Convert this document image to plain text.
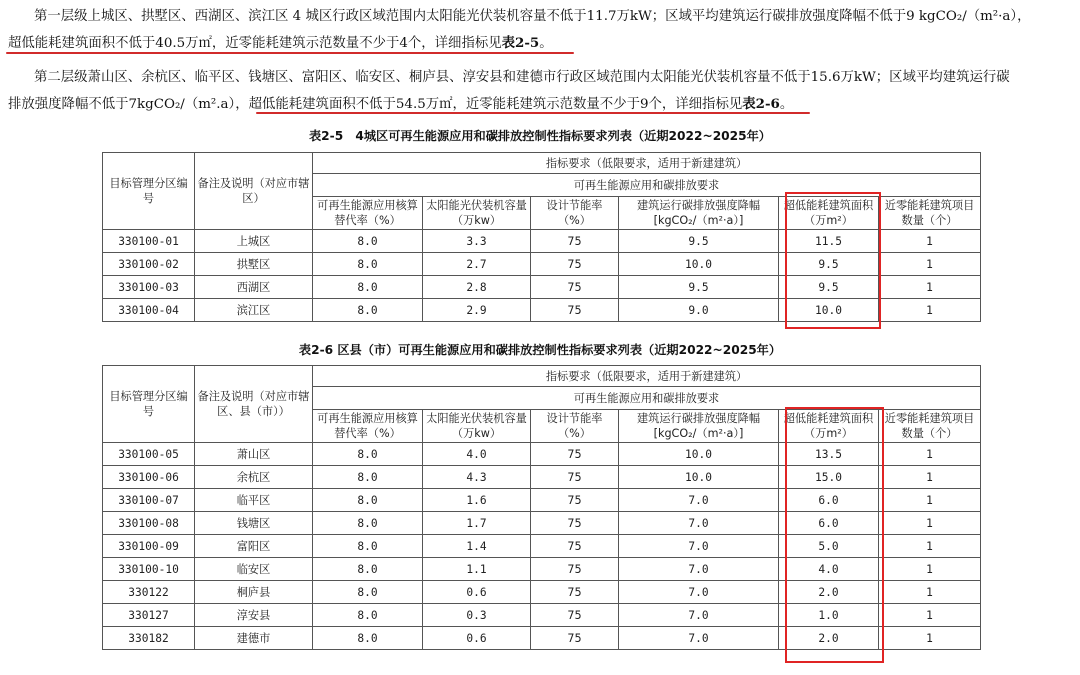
第一层级上城区、拱墅区、西湖区、滨江区 4 城区行政区域范围内太阳能光伏装机容量不低于11.7万kW；区域平均建筑运行碳排放强度降幅不低于9 kgCO₂/（m²·a），
超低能耗建筑面积不低于40.5万㎡，近零能耗建筑示范数量不少于4个，详细指标见表2-5。
第二层级萧山区、余杭区、临平区、钱塘区、富阳区、临安区、桐庐县、淳安县和建德市行政区域范围内太阳能光伏装机容量不低于15.6万kW；区域平均建筑运行碳
排放强度降幅不低于7kgCO₂/（m².a），超低能耗建筑面积不低于54.5万㎡，近零能耗建筑示范数量不少于9个，详细指标见表2-6。
表2-5　4城区可再生能源应用和碳排放控制性指标要求列表（近期2022~2025年）
目标管理分区编号	备注及说明（对应市辖区）	指标要求（低限要求，适用于新建建筑）					
		可再生能源应用和碳排放要求					
		可再生能源应用核算替代率（%）	太阳能光伏装机容量（万kw）	设计节能率（%）	建筑运行碳排放强度降幅[kgCO₂/（m²·a）]	超低能耗建筑面积（万m²）	近零能耗建筑项目数量（个）
330100-01	上城区	8.0	3.3	75	9.5	11.5	1
330100-02	拱墅区	8.0	2.7	75	10.0	9.5	1
330100-03	西湖区	8.0	2.8	75	9.5	9.5	1
330100-04	滨江区	8.0	2.9	75	9.0	10.0	1
表2-6 区县（市）可再生能源应用和碳排放控制性指标要求列表（近期2022~2025年）
目标管理分区编号	备注及说明（对应市辖区、县（市））	指标要求（低限要求，适用于新建建筑）					
		可再生能源应用和碳排放要求					
		可再生能源应用核算替代率（%）	太阳能光伏装机容量（万kw）	设计节能率（%）	建筑运行碳排放强度降幅[kgCO₂/（m²·a）]	超低能耗建筑面积（万m²）	近零能耗建筑项目数量（个）
330100-05	萧山区	8.0	4.0	75	10.0	13.5	1
330100-06	余杭区	8.0	4.3	75	10.0	15.0	1
330100-07	临平区	8.0	1.6	75	7.0	6.0	1
330100-08	钱塘区	8.0	1.7	75	7.0	6.0	1
330100-09	富阳区	8.0	1.4	75	7.0	5.0	1
330100-10	临安区	8.0	1.1	75	7.0	4.0	1
330122	桐庐县	8.0	0.6	75	7.0	2.0	1
330127	淳安县	8.0	0.3	75	7.0	1.0	1
330182	建德市	8.0	0.6	75	7.0	2.0	1
